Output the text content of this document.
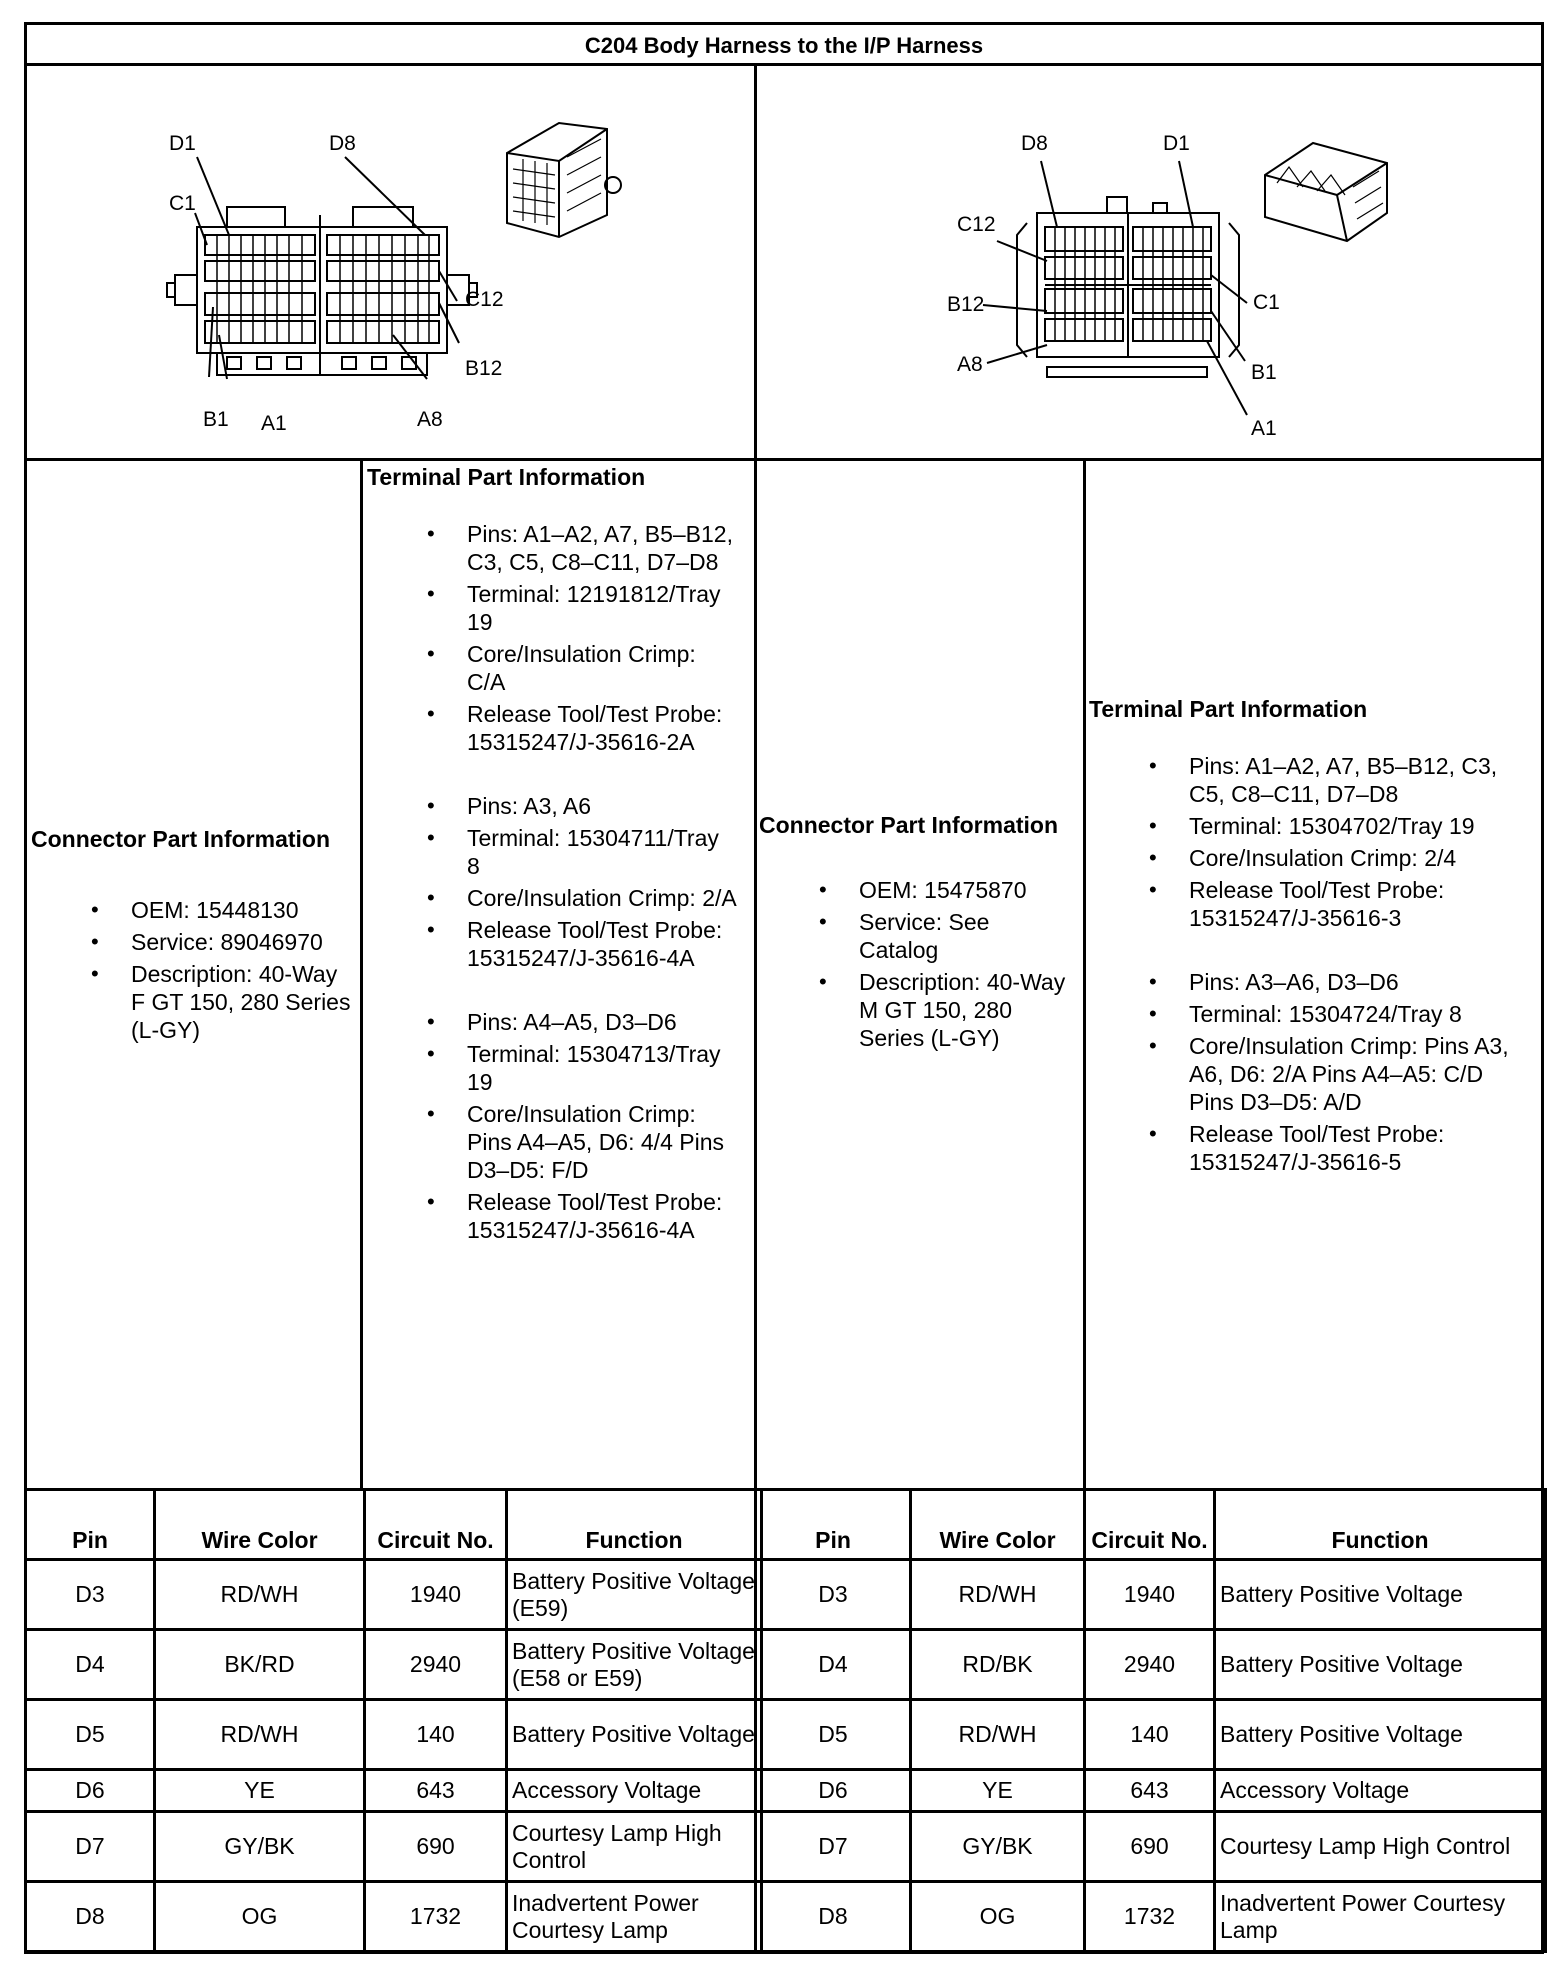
C204 Body Harness to the I/P Harness
D1	D8
C1
C12
B12
B1 A1	A8
D8	D1
C12
C1
B12
B1
A8
A1
Connector Part Information
• OEM: 15448130
• Service: 89046970
• Description: 40-Way F GT 150, 280 Series (L-GY)
Terminal Part Information
• Pins: A1–A2, A7, B5–B12, C3, C5, C8–C11, D7–D8
• Terminal: 12191812/Tray 19
• Core/Insulation Crimp: C/A
• Release Tool/Test Probe: 15315247/J-35616-2A
• Pins: A3, A6
• Terminal: 15304711/Tray 8
• Core/Insulation Crimp: 2/A
• Release Tool/Test Probe: 15315247/J-35616-4A
• Pins: A4–A5, D3–D6
• Terminal: 15304713/Tray 19
• Core/Insulation Crimp: Pins A4–A5, D6: 4/4 Pins D3–D5: F/D
• Release Tool/Test Probe: 15315247/J-35616-4A
Connector Part Information
• OEM: 15475870
• Service: See Catalog
• Description: 40-Way M GT 150, 280 Series (L-GY)
Terminal Part Information
• Pins: A1–A2, A7, B5–B12, C3, C5, C8–C11, D7–D8
• Terminal: 15304702/Tray 19
• Core/Insulation Crimp: 2/4
• Release Tool/Test Probe: 15315247/J-35616-3
• Pins: A3–A6, D3–D6
• Terminal: 15304724/Tray 8
• Core/Insulation Crimp: Pins A3, A6, D6: 2/A Pins A4–A5: C/D Pins D3–D5: A/D
• Release Tool/Test Probe: 15315247/J-35616-5
Pin	Wire Color	Circuit No.	Function
D3	RD/WH	1940	Battery Positive Voltage (E59)
D4	BK/RD	2940	Battery Positive Voltage (E58 or E59)
D5	RD/WH	140	Battery Positive Voltage
D6	YE	643	Accessory Voltage
D7	GY/BK	690	Courtesy Lamp High Control
D8	OG	1732	Inadvertent Power Courtesy Lamp
Pin	Wire Color	Circuit No.	Function
D3	RD/WH	1940	Battery Positive Voltage
D4	RD/BK	2940	Battery Positive Voltage
D5	RD/WH	140	Battery Positive Voltage
D6	YE	643	Accessory Voltage
D7	GY/BK	690	Courtesy Lamp High Control
D8	OG	1732	Inadvertent Power Courtesy Lamp
